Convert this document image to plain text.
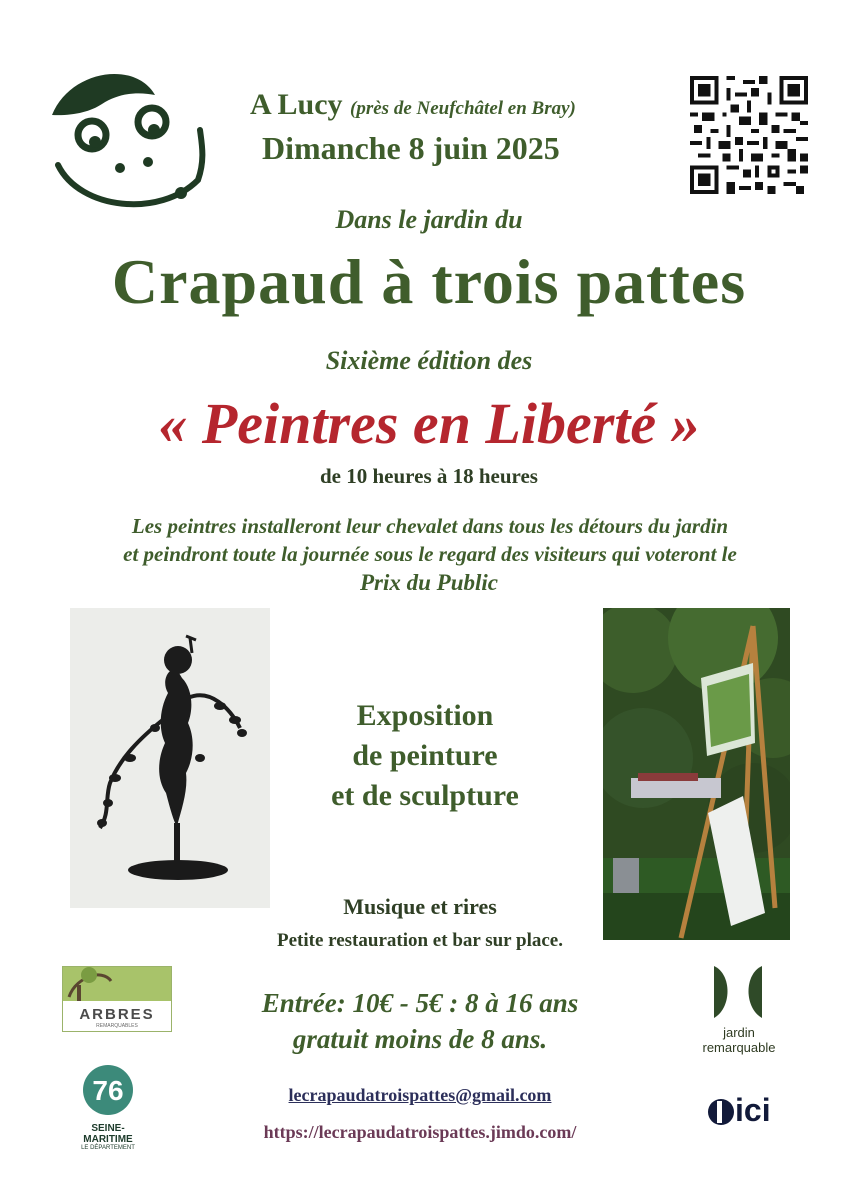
A Lucy (près de Neufchâtel en Bray)
Dimanche 8 juin 2025
Dans le jardin du
Crapaud à trois pattes
Sixième édition des
« Peintres en Liberté »
de 10 heures à 18 heures
Les peintres installeront leur chevalet dans tous les détours du jardin
et peindront toute la journée sous le regard des visiteurs qui voteront le
Prix du Public
Exposition
de peinture
et de sculpture
Musique et rires
Petite restauration et bar sur place.
Entrée: 10€ - 5€ : 8 à 16 ans
gratuit moins de 8 ans.
lecrapaudatroispattes@gmail.com
https://lecrapaudatroispattes.jimdo.com/
ARBRES
REMARQUABLES	jardin
remarquable
76
SEINE-MARITIME
LE DÉPARTEMENT
ici
